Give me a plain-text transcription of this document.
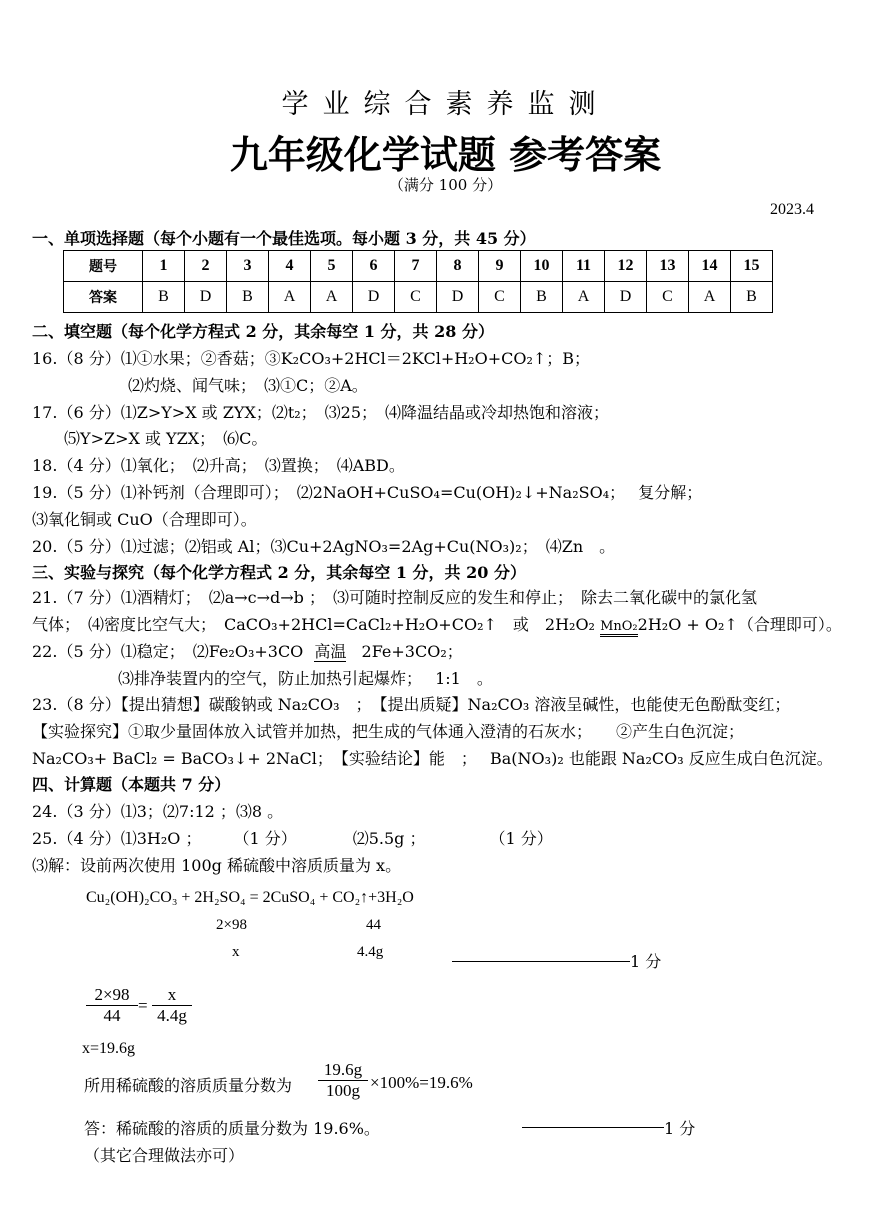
学业综合素养监测
九年级化学试题 参考答案
（满分 100 分）
2023.4
一、单项选择题（每个小题有一个最佳选项。每小题 3 分，共 45 分）
题号	1	2	3	4	5	6	7	8	9	10	11	12	13	14	15
答案	B	D	B	A	A	D	C	D	C	B	A	D	C	A	B
二、填空题（每个化学方程式 2 分，其余每空 1 分，共 28 分）
16.（8 分）⑴①水果；②香菇；③K₂CO₃+2HCl＝2KCl+H₂O+CO₂↑；B；
⑵灼烧、闻气味；　⑶①C；②A。
17.（6 分）⑴Z>Y>X 或 ZYX；⑵t₂；　⑶25；　⑷降温结晶或冷却热饱和溶液；
⑸Y>Z>X 或 YZX；　⑹C。
18.（4 分）⑴氧化；　⑵升高；　⑶置换；　⑷ABD。
19.（5 分）⑴补钙剂（合理即可）；　⑵2NaOH+CuSO₄=Cu(OH)₂↓+Na₂SO₄；　 复分解；
⑶氧化铜或 CuO（合理即可）。
20.（5 分）⑴过滤；⑵铝或 Al；⑶Cu+2AgNO₃=2Ag+Cu(NO₃)₂；　⑷Zn　。
三、实验与探究（每个化学方程式 2 分，其余每空 1 分，共 20 分）
21.（7 分）⑴酒精灯；　⑵a→c→d→b ；　⑶可随时控制反应的发生和停止；　除去二氧化碳中的氯化氢
气体；　⑷密度比空气大；　CaCO₃+2HCl=CaCl₂+H₂O+CO₂↑　或　2H₂O₂ MnO₂2H₂O + O₂↑（合理即可）。
22.（5 分）⑴稳定；　⑵Fe₂O₃+3CO 高温 2Fe+3CO₂；
⑶排净装置内的空气，防止加热引起爆炸；　 1:1　。
23.（8 分）【提出猜想】碳酸钠或 Na₂CO₃　；　【提出质疑】Na₂CO₃ 溶液呈碱性，也能使无色酚酞变红；
【实验探究】①取少量固体放入试管并加热，把生成的气体通入澄清的石灰水；　　②产生白色沉淀；
Na₂CO₃+ BaCl₂ = BaCO₃↓+ 2NaCl；　【实验结论】能　；　 Ba(NO₃)₂ 也能跟 Na₂CO₃ 反应生成白色沉淀。
四、计算题（本题共 7 分）
24.（3 分）⑴3；⑵7:12 ；⑶8 。
25.（4 分）⑴3H₂O ；　　　（1 分）　　　　⑵5.5g ；　　　　　（1 分）
⑶解：设前两次使用 100g 稀硫酸中溶质质量为 x。
Cu₂(OH)₂CO₃ + 2H₂SO₄ = 2CuSO₄ + CO₂↑+3H₂O
2×98	44
x	4.4g	1 分
$\frac{2\times 98}{44} = \frac{x}{4.4g}$
x=19.6g
所用稀硫酸的溶质质量分数为 $\frac{19.6g}{100g} \times 100\%=19.6\%$
答：稀硫酸的溶质的质量分数为 19.6%。	1 分
（其它合理做法亦可）
